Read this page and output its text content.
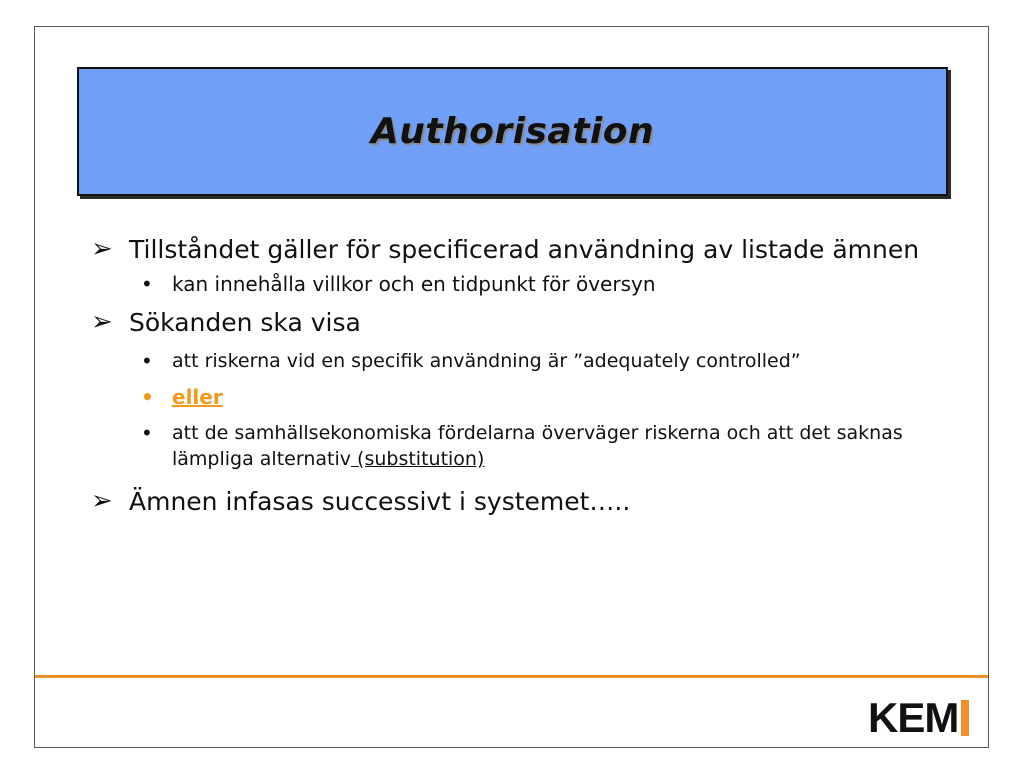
Authorisation
➢ Tillståndet gäller för specificerad användning av listade ämnen
• kan innehålla villkor och en tidpunkt för översyn
➢ Sökanden ska visa
• att riskerna vid en specifik användning är ”adequately controlled”
• eller
• att de samhällsekonomiska fördelarna överväger riskerna och att det saknas lämpliga alternativ (substitution)
➢ Ämnen infasas successivt i systemet…..
KEM
